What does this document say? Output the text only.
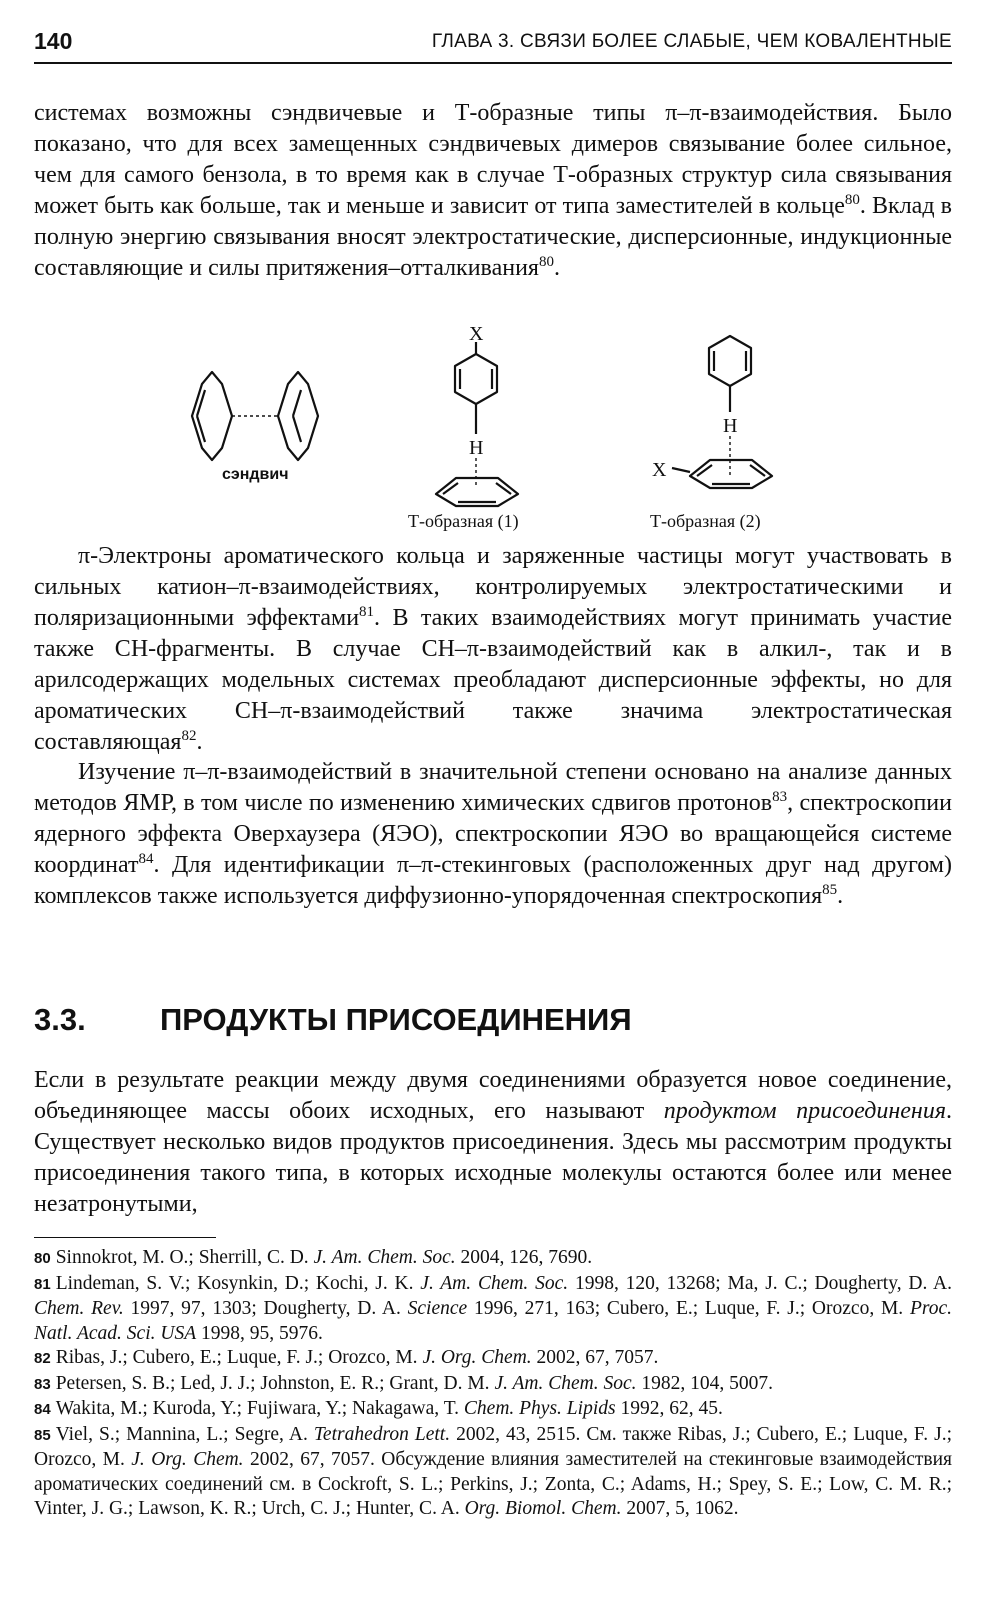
140	ГЛАВА 3. СВЯЗИ БОЛЕЕ СЛАБЫЕ, ЧЕМ КОВАЛЕНТНЫЕ

системах возможны сэндвичевые и Т-образные типы π–π-взаимодействия. Было показано, что для всех замещенных сэндвичевых димеров связывание более сильное, чем для самого бензола, в то время как в случае Т-образных структур сила связывания может быть как больше, так и меньше и зависит от типа заместителей в кольце$^{80}$. Вклад в полную энергию связывания вносят электростатические, дисперсионные, индукционные составляющие и силы притяжения–отталкивания$^{80}$.

X
H
H
X
сэндвич
Т-образная (1)	Т-образная (2)

π-Электроны ароматического кольца и заряженные частицы могут участвовать в сильных катион–π-взаимодействиях, контролируемых электростатическими и поляризационными эффектами$^{81}$. В таких взаимодействиях могут принимать участие также CH-фрагменты. В случае CH–π-взаимодействий как в алкил-, так и в арилсодержащих модельных системах преобладают дисперсионные эффекты, но для ароматических CH–π-взаимодействий также значима электростатическая составляющая$^{82}$.

Изучение π–π-взаимодействий в значительной степени основано на анализе данных методов ЯМР, в том числе по изменению химических сдвигов протонов$^{83}$, спектроскопии ядерного эффекта Оверхаузера (ЯЭО), спектроскопии ЯЭО во вращающейся системе координат$^{84}$. Для идентификации π–π-стекинговых (расположенных друг над другом) комплексов также используется диффузионно-упорядоченная спектроскопия$^{85}$.

3.3. ПРОДУКТЫ ПРИСОЕДИНЕНИЯ

Если в результате реакции между двумя соединениями образуется новое соединение, объединяющее массы обоих исходных, его называют продуктом присоединения. Существует несколько видов продуктов присоединения. Здесь мы рассмотрим продукты присоединения такого типа, в которых исходные молекулы остаются более или менее незатронутыми,

80 Sinnokrot, M. O.; Sherrill, C. D. J. Am. Chem. Soc. 2004, 126, 7690.

81 Lindeman, S. V.; Kosynkin, D.; Kochi, J. K. J. Am. Chem. Soc. 1998, 120, 13268; Ma, J. C.; Dougherty, D. A. Chem. Rev. 1997, 97, 1303; Dougherty, D. A. Science 1996, 271, 163; Cubero, E.; Luque, F. J.; Orozco, M. Proc. Natl. Acad. Sci. USA 1998, 95, 5976.

82 Ribas, J.; Cubero, E.; Luque, F. J.; Orozco, M. J. Org. Chem. 2002, 67, 7057.

83 Petersen, S. B.; Led, J. J.; Johnston, E. R.; Grant, D. M. J. Am. Chem. Soc. 1982, 104, 5007.

84 Wakita, M.; Kuroda, Y.; Fujiwara, Y.; Nakagawa, T. Chem. Phys. Lipids 1992, 62, 45.

85 Viel, S.; Mannina, L.; Segre, A. Tetrahedron Lett. 2002, 43, 2515. См. также Ribas, J.; Cubero, E.; Luque, F. J.; Orozco, M. J. Org. Chem. 2002, 67, 7057. Обсуждение влияния заместителей на стекинговые взаимодействия ароматических соединений см. в Cockroft, S. L.; Perkins, J.; Zonta, C.; Adams, H.; Spey, S. E.; Low, C. M. R.; Vinter, J. G.; Lawson, K. R.; Urch, C. J.; Hunter, C. A. Org. Biomol. Chem. 2007, 5, 1062.
